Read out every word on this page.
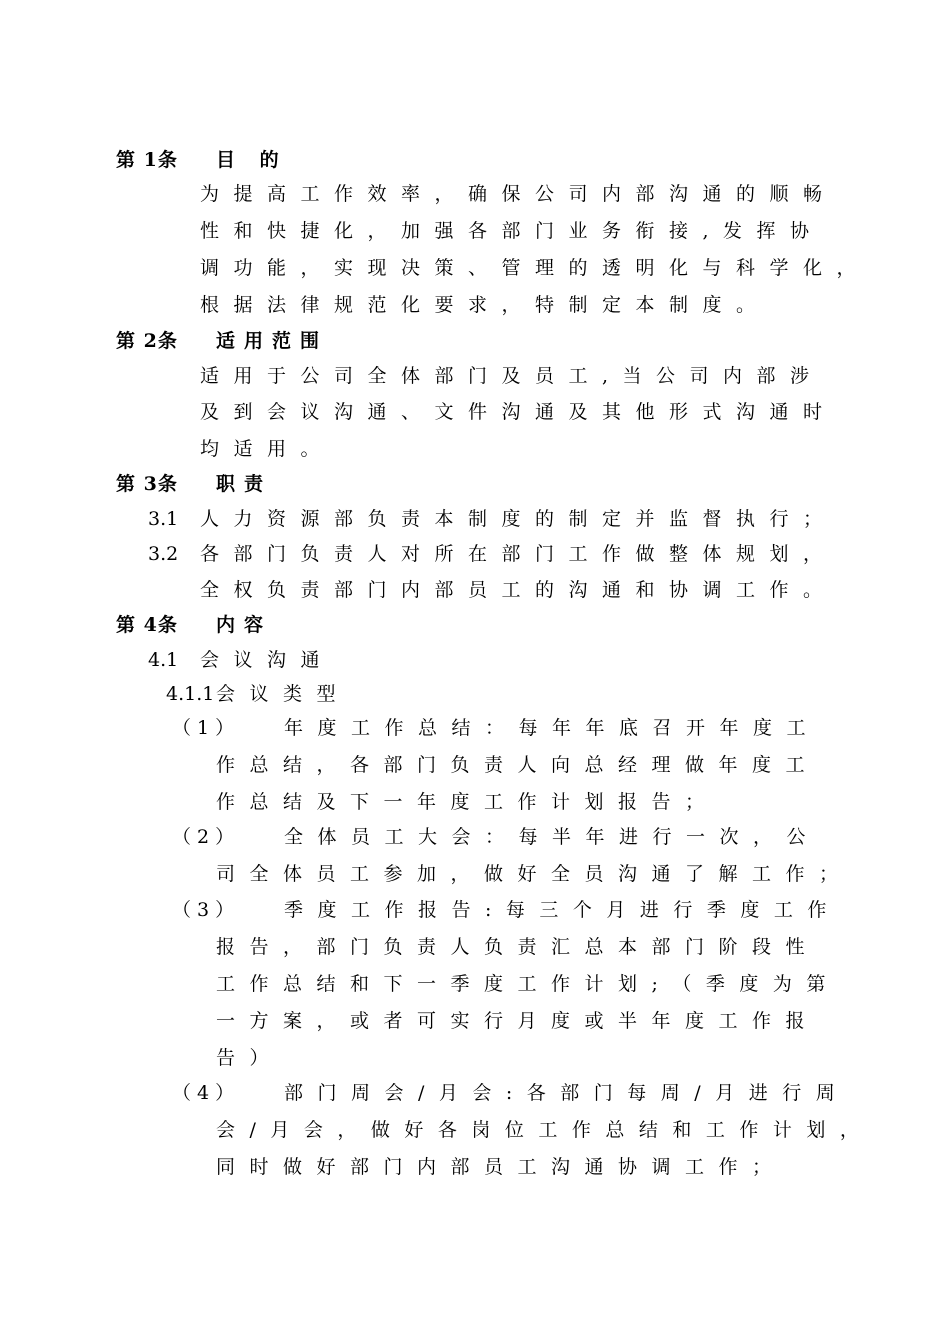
第 1条 目 的
为提高工作效率，确保公司内部沟通的顺畅
性和快捷化，加强各部门业务衔接,发挥协
调功能，实现决策、管理的透明化与科学化，
根据法律规范化要求，特制定本制度。
第 2条 适用范围
适用于公司全体部门及员工,当公司内部涉
及到会议沟通、文件沟通及其他形式沟通时
均适用。
第 3条 职责
3.1 人力资源部负责本制度的制定并监督执行；
3.2 各部门负责人对所在部门工作做整体规划，
全权负责部门内部员工的沟通和协调工作。
第 4条 内容
4.1 会议沟通
4.1.1 会议类型
（1） 年度工作总结：每年年底召开年度工
作总结，各部门负责人向总经理做年度工
作总结及下一年度工作计划报告；
（2） 全体员工大会：每半年进行一次，公
司全体员工参加，做好全员沟通了解工作；
（3） 季度工作报告:每三个月进行季度工作
报告，部门负责人负责汇总本部门阶段性
工作总结和下一季度工作计划;（季度为第
一方案，或者可实行月度或半年度工作报
告）
（4） 部门周会/月会:各部门每周/月进行周
会/月会，做好各岗位工作总结和工作计划，
同时做好部门内部员工沟通协调工作；
